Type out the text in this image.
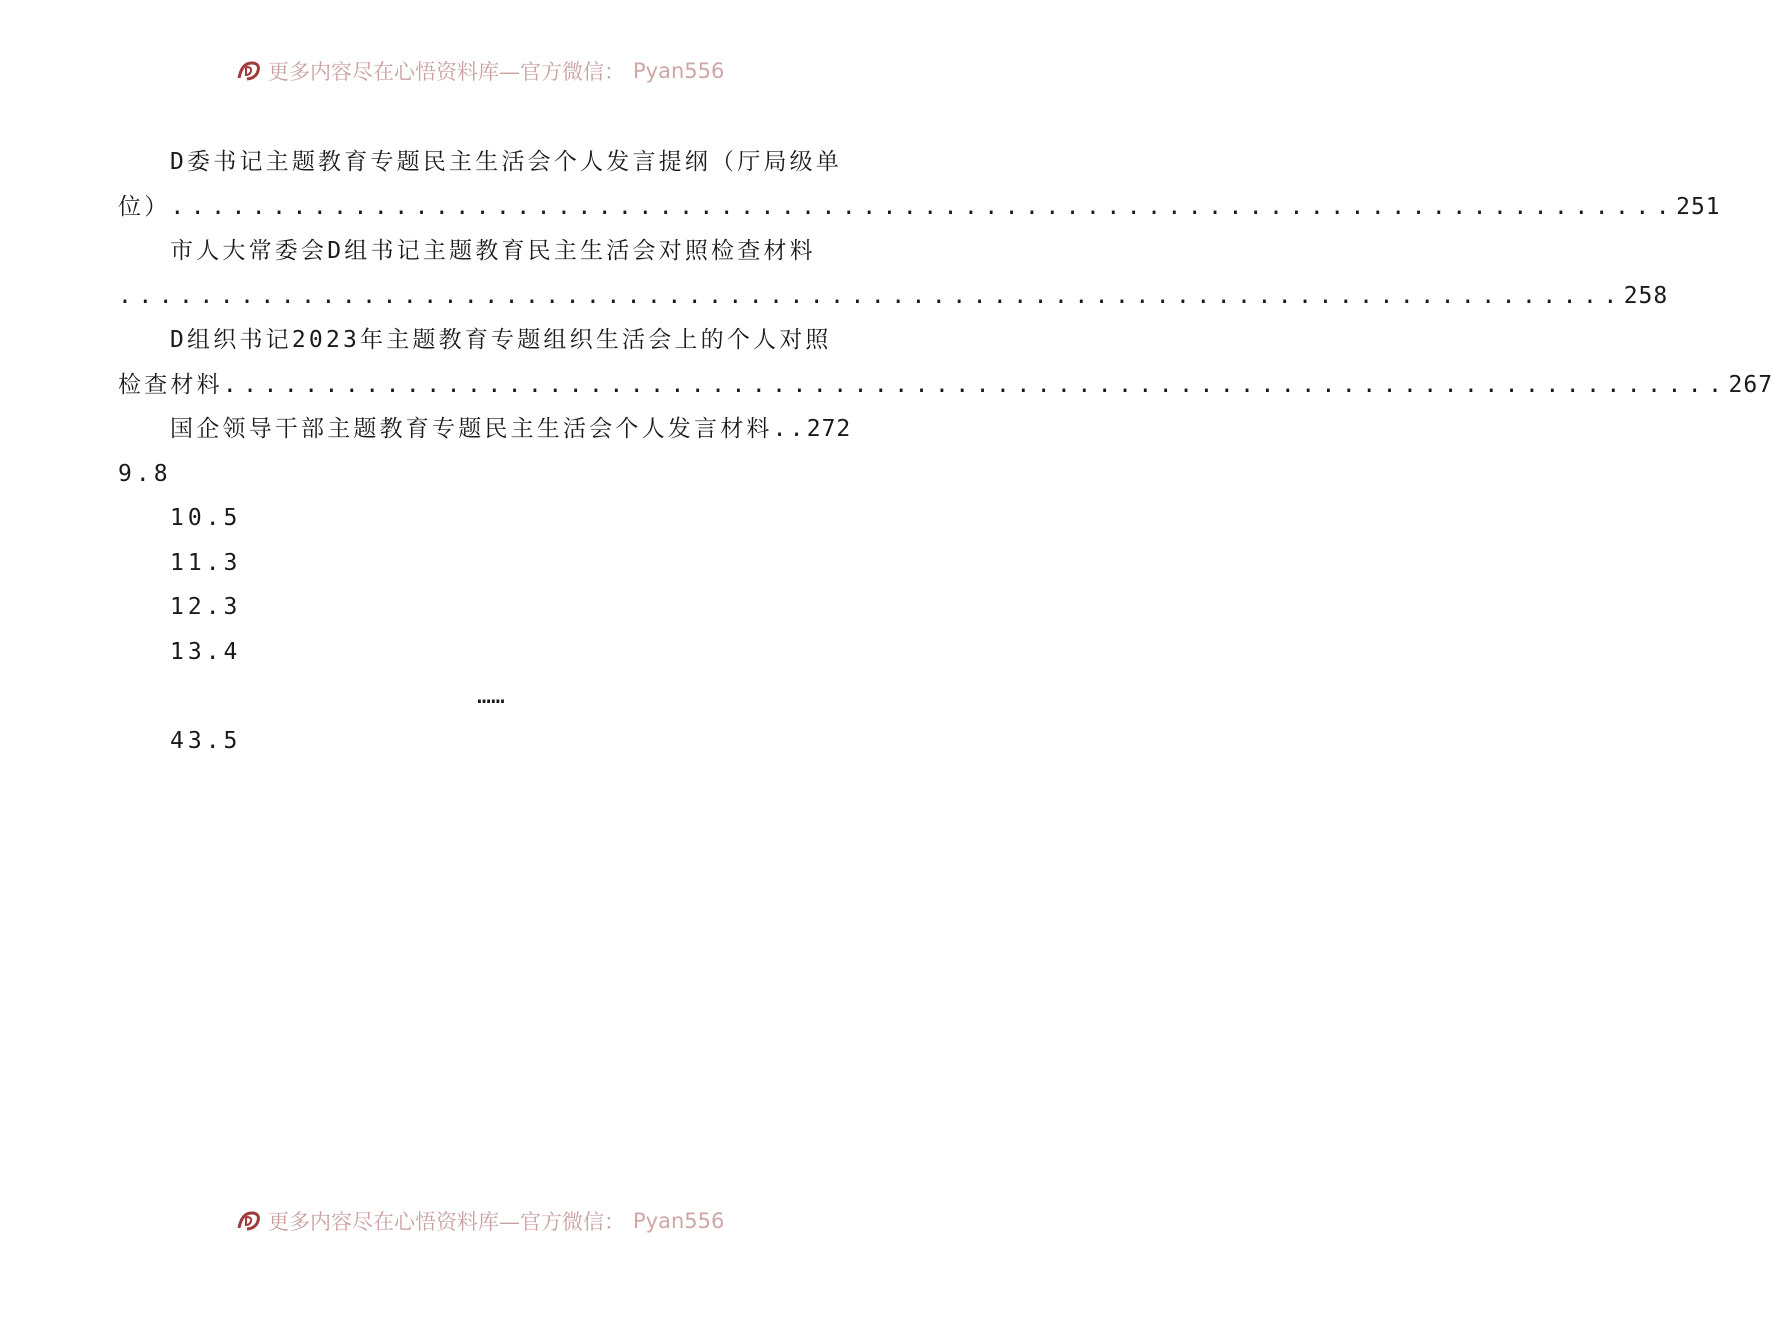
更多内容尽在心悟资料库—官方微信： Pyan556
D委书记主题教育专题民主生活会个人发言提纲（厅局级单
位） .......................................................................... 251
市人大常委会D组书记主题教育民主生活会对照检查材料
.......................................................................... 258
D组织书记2023年主题教育专题组织生活会上的个人对照
检查材料 .......................................................................... 267
国企领导干部主题教育专题民主生活会个人发言材料..272
9.8
10.5
11.3
12.3
13.4
……
43.5
更多内容尽在心悟资料库—官方微信： Pyan556
